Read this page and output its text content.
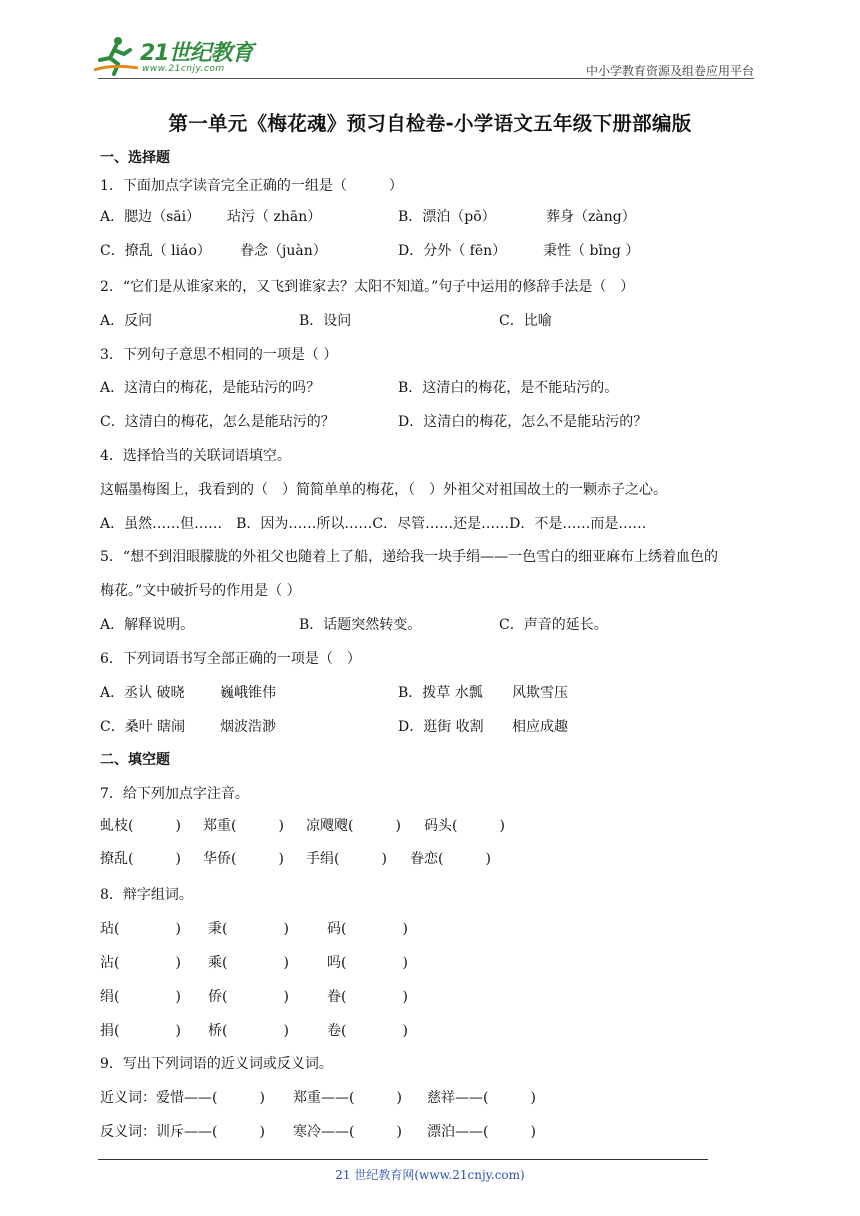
21世纪教育
www.21cnjy.com	中小学教育资源及组卷应用平台
第一单元《梅花魂》预习自检卷-小学语文五年级下册部编版
一、选择题
1．下面加点字读音完全正确的一组是（　　　）
A．腮边（sāi） 玷污（ zhān）	B．漂泊（pō）	葬身（zàng）
C．撩乱（ liáo） 眷念（juàn）	D．分外（ fēn）	秉性（ bǐng ）
2．“它们是从谁家来的，又飞到谁家去？太阳不知道。”句子中运用的修辞手法是（　）
A．反问	B．设问	C．比喻
3．下列句子意思不相同的一项是（ ）
A．这清白的梅花，是能玷污的吗？	B．这清白的梅花，是不能玷污的。
C．这清白的梅花，怎么是能玷污的？	D．这清白的梅花，怎么不是能玷污的？
4．选择恰当的关联词语填空。
这幅墨梅图上，我看到的（　）简简单单的梅花，（　）外祖父对祖国故土的一颗赤子之心。
A．虽然……但……　B．因为……所以……C．尽管……还是……D．不是……而是……
5．“想不到泪眼朦胧的外祖父也随着上了船，递给我一块手绢——一色雪白的细亚麻布上绣着血色的
梅花。”文中破折号的作用是（ ）
A．解释说明。	B．话题突然转变。	C．声音的延长。
6．下列词语书写全部正确的一项是（　）
A．丞认 破晓	巍峨锥伟	B．拨草 水瓢 风欺雪压
C．桑叶 瞎闹 烟波浩渺	D．逛街 收割 相应成趣
二、填空题
7．给下列加点字注音。
虬枝(　　　) 郑重(　　　) 凉飕飕(　　　) 码头(　　　)
撩乱(　　　) 华侨(　　　) 手绢(　　　) 眷恋(　　　)
8．辩字组词。
玷(　　　　) 秉(　　　　)	码(　　　　)
沾(　　　　) 乘(　　　　)	吗(　　　　)
绢(　　　　) 侨(　　　　)	眷(　　　　)
捐(　　　　) 桥(　　　　)	卷(　　　　)
9．写出下列词语的近义词或反义词。
近义词：爱惜——(　　　) 郑重——(　　　) 慈祥——(　　　)
反义词：训斥——(　　　) 寒冷——(　　　) 漂泊——(　　　)
21 世纪教育网(www.21cnjy.com)
